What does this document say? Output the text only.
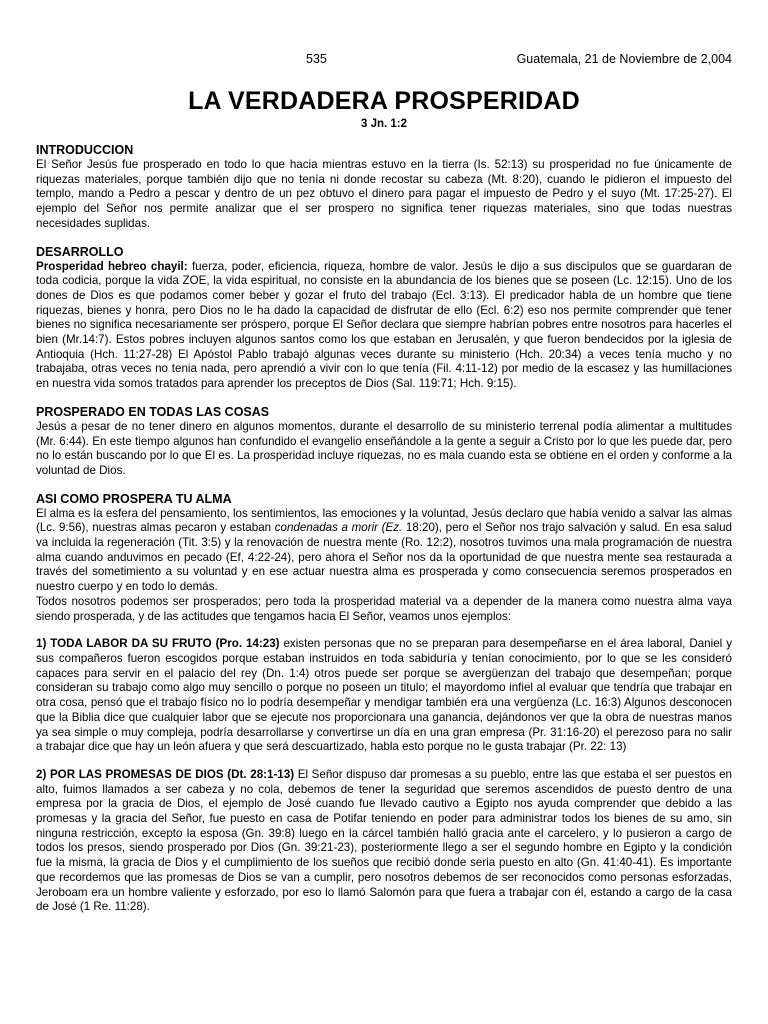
535	Guatemala, 21 de Noviembre de 2,004
LA VERDADERA PROSPERIDAD
3 Jn. 1:2
INTRODUCCION

El Señor Jesús fue prosperado en todo lo que hacia mientras estuvo en la tierra (Is. 52:13) su prosperidad no fue únicamente de riquezas materiales, porque también dijo que no tenía ni donde recostar su cabeza (Mt. 8:20), cuando le pidieron el impuesto del templo, mando a Pedro a pescar y dentro de un pez obtuvo el dinero para pagar el impuesto de Pedro y el suyo (Mt. 17:25-27). El ejemplo del Señor nos permite analizar que el ser prospero no significa tener riquezas materiales, sino que todas nuestras necesidades suplidas.

DESARROLLO

Prosperidad hebreo chayil: fuerza, poder, eficiencia, riqueza, hombre de valor. Jesús le dijo a sus discípulos que se guardaran de toda codicia, porque la vida ZOE, la vida espiritual, no consiste en la abundancia de los bienes que se poseen (Lc. 12:15). Uno de los dones de Dios es que podamos comer beber y gozar el fruto del trabajo (Ecl. 3:13). El predicador habla de un hombre que tiene riquezas, bienes y honra, pero Dios no le ha dado la capacidad de disfrutar de ello (Ecl. 6:2) eso nos permite comprender que tener bienes no significa necesariamente ser próspero, porque El Señor declara que siempre habrían pobres entre nosotros para hacerles el bien (Mr.14:7). Estos pobres incluyen algunos santos como los que estaban en Jerusalén, y que fueron bendecidos por la iglesia de Antioquia (Hch. 11:27-28) El Apóstol Pablo trabajó algunas veces durante su ministerio (Hch. 20:34) a veces tenía mucho y no trabajaba, otras veces no tenia nada, pero aprendió a vivir con lo que tenía (Fil. 4:11-12) por medio de la escasez y las humillaciones en nuestra vida somos tratados para aprender los preceptos de Dios (Sal. 119:71; Hch. 9:15).

PROSPERADO EN TODAS LAS COSAS

Jesús a pesar de no tener dinero en algunos momentos, durante el desarrollo de su ministerio terrenal podía alimentar a multitudes (Mr. 6:44). En este tiempo algunos han confundido el evangelio enseñándole a la gente a seguir a Cristo por lo que les puede dar, pero no lo están buscando por lo que El es. La prosperidad incluye riquezas, no es mala cuando esta se obtiene en el orden y conforme a la voluntad de Dios.

ASI COMO PROSPERA TU ALMA

El alma es la esfera del pensamiento, los sentimientos, las emociones y la voluntad, Jesús declaro que había venido a salvar las almas (Lc. 9:56), nuestras almas pecaron y estaban condenadas a morir (Ez. 18:20), pero el Señor nos trajo salvación y salud. En esa salud va incluida la regeneración (Tit. 3:5) y la renovación de nuestra mente (Ro. 12:2), nosotros tuvimos una mala programación de nuestra alma cuando anduvimos en pecado (Ef, 4:22-24), pero ahora el Señor nos da la oportunidad de que nuestra mente sea restaurada a través del sometimiento a su voluntad y en ese actuar nuestra alma es prosperada y como consecuencia seremos prosperados en nuestro cuerpo y en todo lo demás.

Todos nosotros podemos ser prosperados; pero toda la prosperidad material va a depender de la manera como nuestra alma vaya siendo prosperada, y de las actitudes que tengamos hacia El Señor, veamos unos ejemplos:

1) TODA LABOR DA SU FRUTO (Pro. 14:23) existen personas que no se preparan para desempeñarse en el área laboral, Daniel y sus compañeros fueron escogidos porque estaban instruidos en toda sabiduría y tenían conocimiento, por lo que se les consideró capaces para servir en el palacio del rey (Dn. 1:4) otros puede ser porque se avergüenzan del trabajo que desempeñan; porque consideran su trabajo como algo muy sencillo o porque no poseen un titulo; el mayordomo infiel al evaluar que tendría que trabajar en otra cosa, pensó que el trabajo físico no lo podría desempeñar y mendigar también era una vergüenza (Lc. 16:3) Algunos desconocen que la Biblia dice que cualquier labor que se ejecute nos proporcionara una ganancia, dejándonos ver que la obra de nuestras manos ya sea simple o muy compleja, podría desarrollarse y convertirse un día en una gran empresa (Pr. 31:16-20) el perezoso para no salir a trabajar dice que hay un león afuera y que será descuartizado, habla esto porque no le gusta trabajar (Pr. 22: 13)

2) POR LAS PROMESAS DE DIOS (Dt. 28:1-13) El Señor dispuso dar promesas a su pueblo, entre las que estaba el ser puestos en alto, fuimos llamados a ser cabeza y no cola, debemos de tener la seguridad que seremos ascendidos de puesto dentro de una empresa por la gracia de Dios, el ejemplo de José cuando fue llevado cautivo a Egipto nos ayuda comprender que debido a las promesas y la gracia del Señor, fue puesto en casa de Potifar teniendo en poder para administrar todos los bienes de su amo, sin ninguna restricción, excepto la esposa (Gn. 39:8) luego en la cárcel también halló gracia ante el carcelero, y lo pusieron a cargo de todos los presos, siendo prosperado por Dios (Gn. 39:21-23), posteriormente llego a ser el segundo hombre en Egipto y la condición fue la misma, la gracia de Dios y el cumplimiento de los sueños que recibió donde seria puesto en alto (Gn. 41:40-41). Es importante que recordemos que las promesas de Dios se van a cumplir, pero nosotros debemos de ser reconocidos como personas esforzadas, Jeroboam era un hombre valiente y esforzado, por eso lo llamó Salomón para que fuera a trabajar con él, estando a cargo de la casa de José (1 Re. 11:28).
